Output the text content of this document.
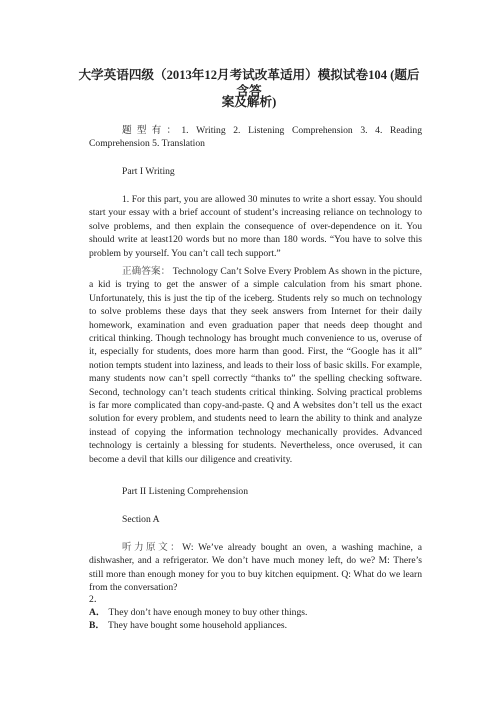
大学英语四级（2013年12月考试改革适用）模拟试卷104 (题后含答
案及解析)
题型有：1. Writing 2. Listening Comprehension 3. 4. Reading Comprehension 5. Translation
Part I Writing
1. For this part, you are allowed 30 minutes to write a short essay. You should start your essay with a brief account of student’s increasing reliance on technology to solve problems, and then explain the consequence of over-dependence on it. You should write at least120 words but no more than 180 words. “You have to solve this problem by yourself. You can’t call tech support.”
正确答案： Technology Can’t Solve Every Problem As shown in the picture, a kid is trying to get the answer of a simple calculation from his smart phone. Unfortunately, this is just the tip of the iceberg. Students rely so much on technology to solve problems these days that they seek answers from Internet for their daily homework, examination and even graduation paper that needs deep thought and critical thinking. Though technology has brought much convenience to us, overuse of it, especially for students, does more harm than good. First, the “Google has it all” notion tempts student into laziness, and leads to their loss of basic skills. For example, many students now can’t spell correctly “thanks to” the spelling checking software. Second, technology can’t teach students critical thinking. Solving practical problems is far more complicated than copy-and-paste. Q and A websites don’t tell us the exact solution for every problem, and students need to learn the ability to think and analyze instead of copying the information technology mechanically provides. Advanced technology is certainly a blessing for students. Nevertheless, once overused, it can become a devil that kills our diligence and creativity.
Part II Listening Comprehension
Section A
听力原文：W: We’ve already bought an oven, a washing machine, a dishwasher, and a refrigerator. We don’t have much money left, do we? M: There’s still more than enough money for you to buy kitchen equipment. Q: What do we learn from the conversation?
2．
A． They don’t have enough money to buy other things.
B． They have bought some household appliances.
